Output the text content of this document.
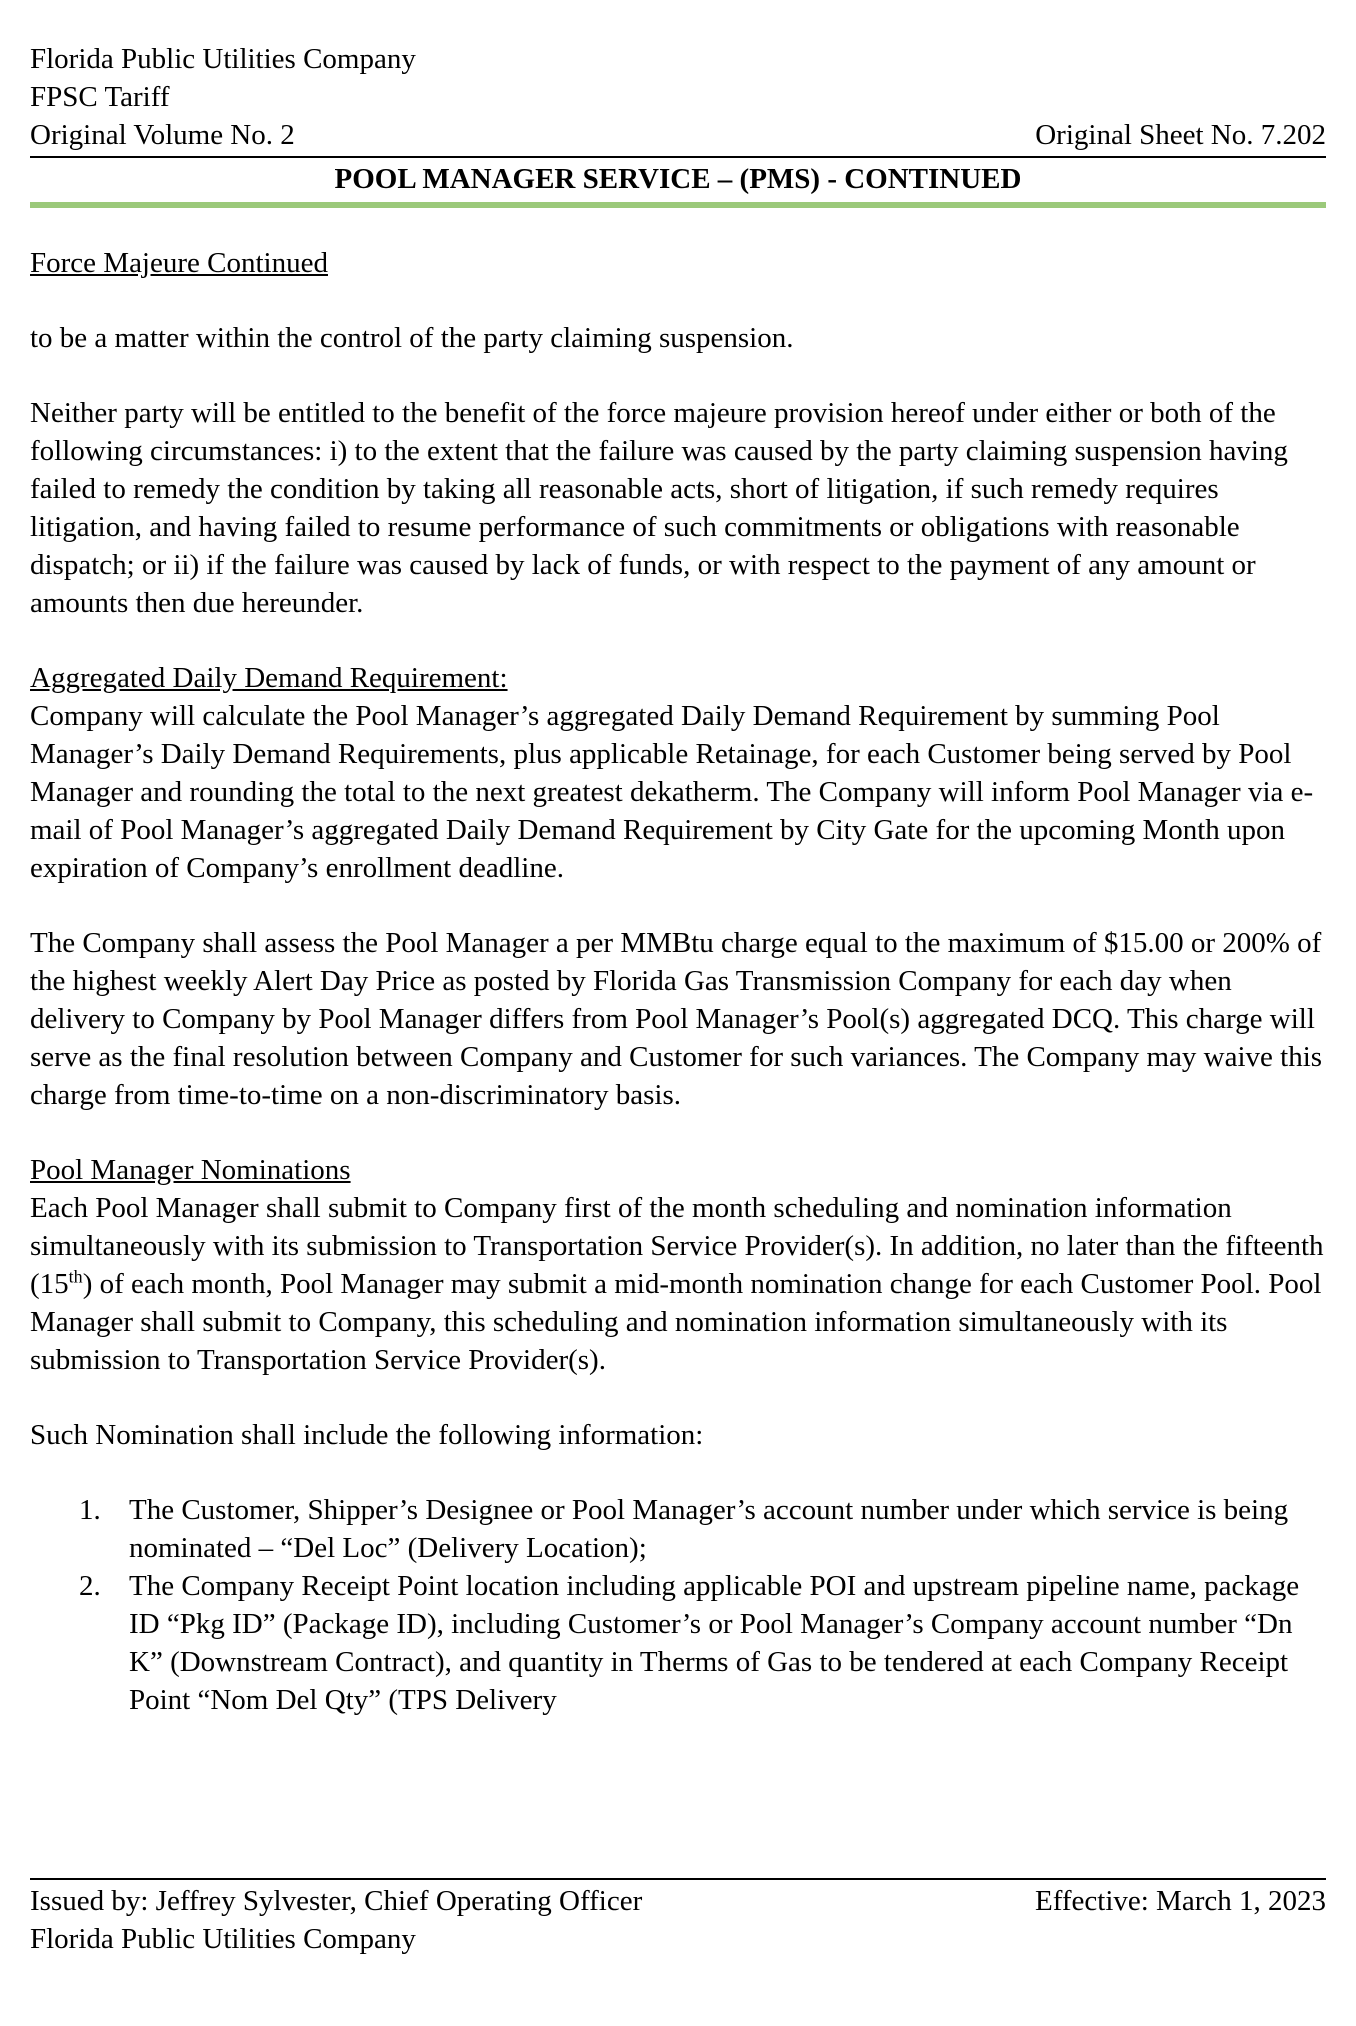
Florida Public Utilities Company
FPSC Tariff
Original Volume No. 2	Original Sheet No. 7.202
POOL MANAGER SERVICE – (PMS) - CONTINUED
Force Majeure Continued

to be a matter within the control of the party claiming suspension.

Neither party will be entitled to the benefit of the force majeure provision hereof under either or both of the following circumstances: i) to the extent that the failure was caused by the party claiming suspension having failed to remedy the condition by taking all reasonable acts, short of litigation, if such remedy requires litigation, and having failed to resume performance of such commitments or obligations with reasonable dispatch; or ii) if the failure was caused by lack of funds, or with respect to the payment of any amount or amounts then due hereunder.

Aggregated Daily Demand Requirement:

Company will calculate the Pool Manager’s aggregated Daily Demand Requirement by summing Pool Manager’s Daily Demand Requirements, plus applicable Retainage, for each Customer being served by Pool Manager and rounding the total to the next greatest dekatherm. The Company will inform Pool Manager via e-mail of Pool Manager’s aggregated Daily Demand Requirement by City Gate for the upcoming Month upon expiration of Company’s enrollment deadline.

The Company shall assess the Pool Manager a per MMBtu charge equal to the maximum of $15.00 or 200% of the highest weekly Alert Day Price as posted by Florida Gas Transmission Company for each day when delivery to Company by Pool Manager differs from Pool Manager’s Pool(s) aggregated DCQ. This charge will serve as the final resolution between Company and Customer for such variances. The Company may waive this charge from time-to-time on a non-discriminatory basis.

Pool Manager Nominations

Each Pool Manager shall submit to Company first of the month scheduling and nomination information simultaneously with its submission to Transportation Service Provider(s). In addition, no later than the fifteenth (15th) of each month, Pool Manager may submit a mid-month nomination change for each Customer Pool. Pool Manager shall submit to Company, this scheduling and nomination information simultaneously with its submission to Transportation Service Provider(s).

Such Nomination shall include the following information:

1. The Customer, Shipper’s Designee or Pool Manager’s account number under which service is being nominated – “Del Loc” (Delivery Location);
2. The Company Receipt Point location including applicable POI and upstream pipeline name, package ID “Pkg ID” (Package ID), including Customer’s or Pool Manager’s Company account number “Dn K” (Downstream Contract), and quantity in Therms of Gas to be tendered at each Company Receipt Point “Nom Del Qty” (TPS Delivery
Issued by: Jeffrey Sylvester, Chief Operating Officer	Effective: March 1, 2023
Florida Public Utilities Company
